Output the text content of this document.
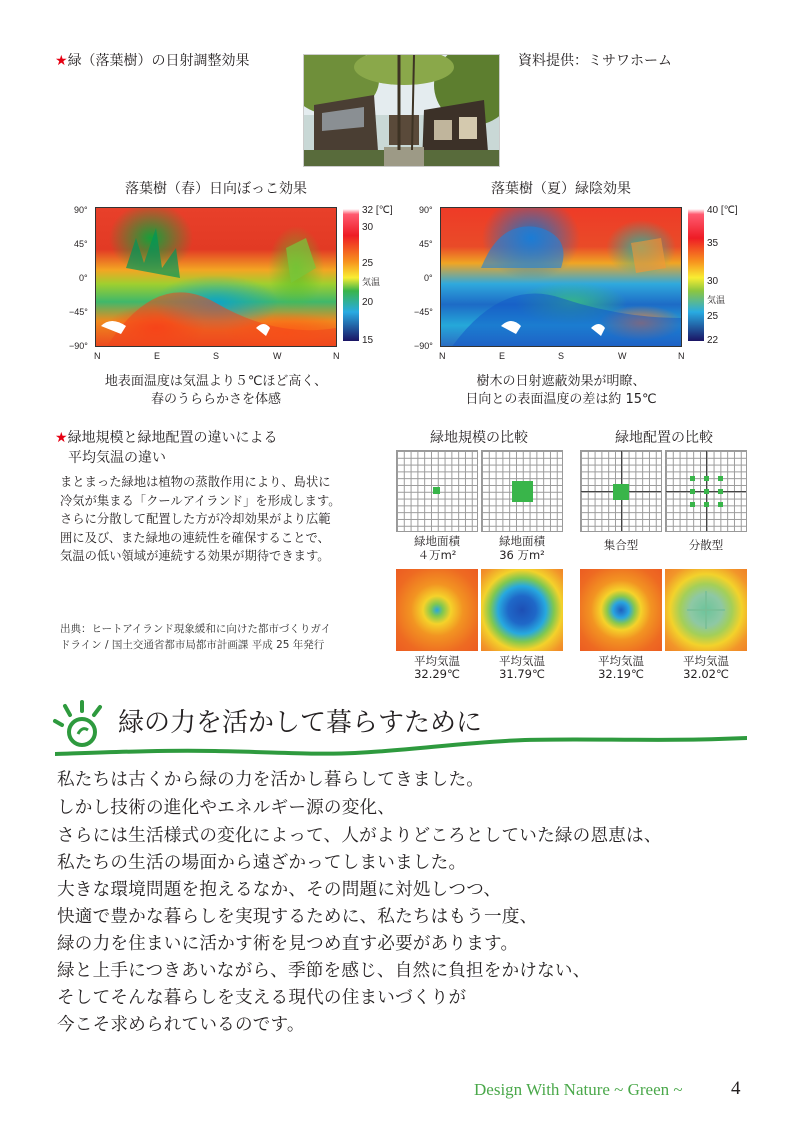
★緑（落葉樹）の日射調整効果	資料提供：ミサワホーム
落葉樹（春）日向ぼっこ効果
90°
45°
0°
−45°
−90°
N	E	S	W	N
32 [℃]
30
25
気温
20
15
地表面温度は気温より５℃ほど高く、
春のうららかさを体感
落葉樹（夏）緑陰効果
90°
45°
0°
−45°
−90°
N	E	S	W	N
40 [℃]
35
30
気温
25
22
樹木の日射遮蔽効果が明瞭、
日向との表面温度の差は約 15℃
★緑地規模と緑地配置の違いによる
平均気温の違い
まとまった緑地は植物の蒸散作用により、島状に
冷気が集まる「クールアイランド」を形成します。
さらに分散して配置した方が冷却効果がより広範
囲に及び、また緑地の連続性を確保することで、
気温の低い領域が連続する効果が期待できます。
出典：ヒートアイランド現象緩和に向けた都市づくりガイ
ドライン / 国土交通省都市局都市計画課 平成 25 年発行
緑地規模の比較	緑地配置の比較
緑地面積
４万m²
緑地面積
36 万m²
集合型	分散型
平均気温
32.29℃
平均気温
31.79℃
平均気温
32.19℃
平均気温
32.02℃
緑の力を活かして暮らすために
私たちは古くから緑の力を活かし暮らしてきました。
しかし技術の進化やエネルギー源の変化、
さらには生活様式の変化によって、人がよりどころとしていた緑の恩恵は、
私たちの生活の場面から遠ざかってしまいました。
大きな環境問題を抱えるなか、その問題に対処しつつ、
快適で豊かな暮らしを実現するために、私たちはもう一度、
緑の力を住まいに活かす術を見つめ直す必要があります。
緑と上手につきあいながら、季節を感じ、自然に負担をかけない、
そしてそんな暮らしを支える現代の住まいづくりが
今こそ求められているのです。
Design With Nature ~ Green ~	4
